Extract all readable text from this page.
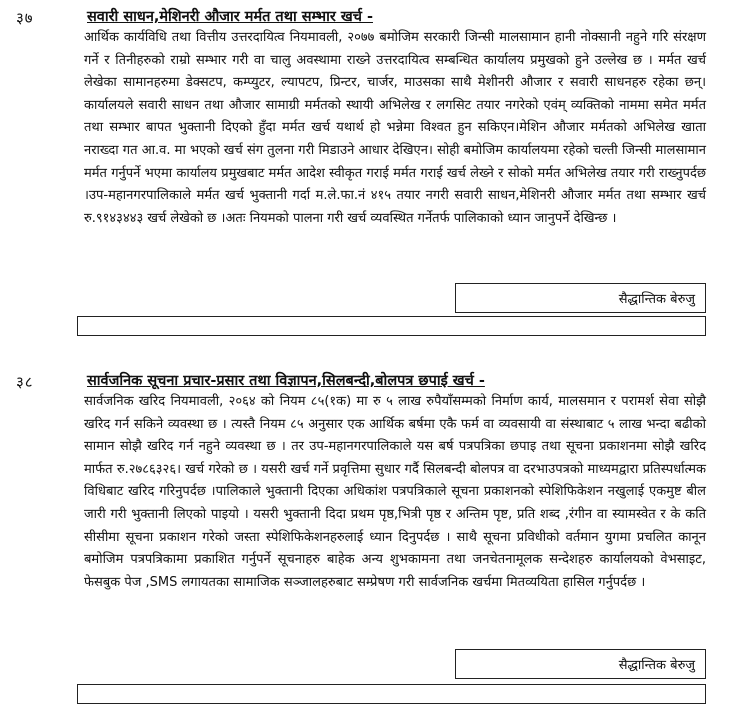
३७	सवारी साधन,मेशिनरी औजार मर्मत तथा सम्भार खर्च -
आर्थिक कार्यविधि तथा वित्तीय उत्तरदायित्व नियमावली, २०७७ बमोजिम सरकारी जिन्सी मालसामान हानी नोक्सानी नहुने गरि संरक्षण गर्ने र तिनीहरुको राम्रो सम्भार गरी वा चालु अवस्थामा राख्ने उत्तरदायित्व सम्बन्धित कार्यालय प्रमुखको हुने उल्लेख छ । मर्मत खर्च लेखेका सामानहरुमा डेक्सटप, कम्प्युटर, ल्यापटप, प्रिन्टर, चार्जर, माउसका साथै मेशीनरी औजार र सवारी साधनहरु रहेका छन्।कार्यालयले सवारी साधन तथा औजार सामाग्री मर्मतको स्थायी अभिलेख र लगसिट तयार नगरेको एवंम् व्यक्तिको नाममा समेत मर्मत तथा सम्भार बापत भुक्तानी दिएको हुँदा मर्मत खर्च यथार्थ हो भन्नेमा विश्वत हुन सकिएन।मेशिन औजार मर्मतको अभिलेख खाता नराख्दा गत आ.व. मा भएको खर्च संग तुलना गरी मिडाउने आधार देखिएन। सोही बमोजिम कार्यालयमा रहेको चल्ती जिन्सी मालसामान मर्मत गर्नुपर्ने भएमा कार्यालय प्रमुखबाट मर्मत आदेश स्वीकृत गराई मर्मत गराई खर्च लेख्ने र सोको मर्मत अभिलेख तयार गरी राख्नुपर्दछ ।उप-महानगरपालिकाले मर्मत खर्च भुक्तानी गर्दा म.ले.फा.नं ४१५ तयार नगरी सवारी साधन,मेशिनरी औजार मर्मत तथा सम्भार खर्च रु.९१४३४४३ खर्च लेखेको छ ।अतः नियमको पालना गरी खर्च व्यवस्थित गर्नेतर्फ पालिकाको ध्यान जानुपर्ने देखिन्छ ।
सैद्धान्तिक बेरुजु
३८	सार्वजनिक सूचना प्रचार-प्रसार तथा विज्ञापन,सिलबन्दी,बोलपत्र छपाई खर्च -
सार्वजनिक खरिद नियमावली, २०६४ को नियम ८५(१क) मा रु ५ लाख रुपैयाँसम्मको निर्माण कार्य, मालसमान र परामर्श सेवा सोझै खरिद गर्न सकिने व्यवस्था छ । त्यस्तै नियम ८५ अनुसार एक आर्थिक बर्षमा एकै फर्म वा व्यवसायी वा संस्थाबाट ५ लाख भन्दा बढीको सामान सोझै खरिद गर्न नहुने व्यवस्था छ । तर उप-महानगरपालिकाले यस बर्ष पत्रपत्रिका छपाइ तथा सूचना प्रकाशनमा सोझै खरिद मार्फत रु.२७८६३२६। खर्च गरेको छ । यसरी खर्च गर्ने प्रवृत्तिमा सुधार गर्दै सिलबन्दी बोलपत्र वा दरभाउपत्रको माध्यमद्वारा प्रतिस्पर्धात्मक विधिबाट खरिद गरिनुपर्दछ ।पालिकाले भुक्तानी दिएका अधिकांश पत्रपत्रिकाले सूचना प्रकाशनको स्पेशिफिकेशन नखुलाई एकमुष्ट बील जारी गरी भुक्तानी लिएको पाइयो । यसरी भुक्तानी दिदा प्रथम पृष्ठ,भित्री पृष्ठ र अन्तिम पृष्ट, प्रति शब्द ,रंगीन वा स्यामस्वेत र के कति सीसीमा सूचना प्रकाशन गरेको जस्ता स्पेशिफिकेशनहरुलाई ध्यान दिनुपर्दछ । साथै सूचना प्रविधीको वर्तमान युगमा प्रचलित कानून बमोजिम पत्रपत्रिकामा प्रकाशित गर्नुपर्ने सूचनाहरु बाहेक अन्य शुभकामना तथा जनचेतनामूलक सन्देशहरु कार्यालयको वेभसाइट, फेसबुक पेज ,SMS लगायतका सामाजिक सञ्जालहरुबाट सम्प्रेषण गरी सार्वजनिक खर्चमा मितव्ययिता हासिल गर्नुपर्दछ ।
सैद्धान्तिक बेरुजु
